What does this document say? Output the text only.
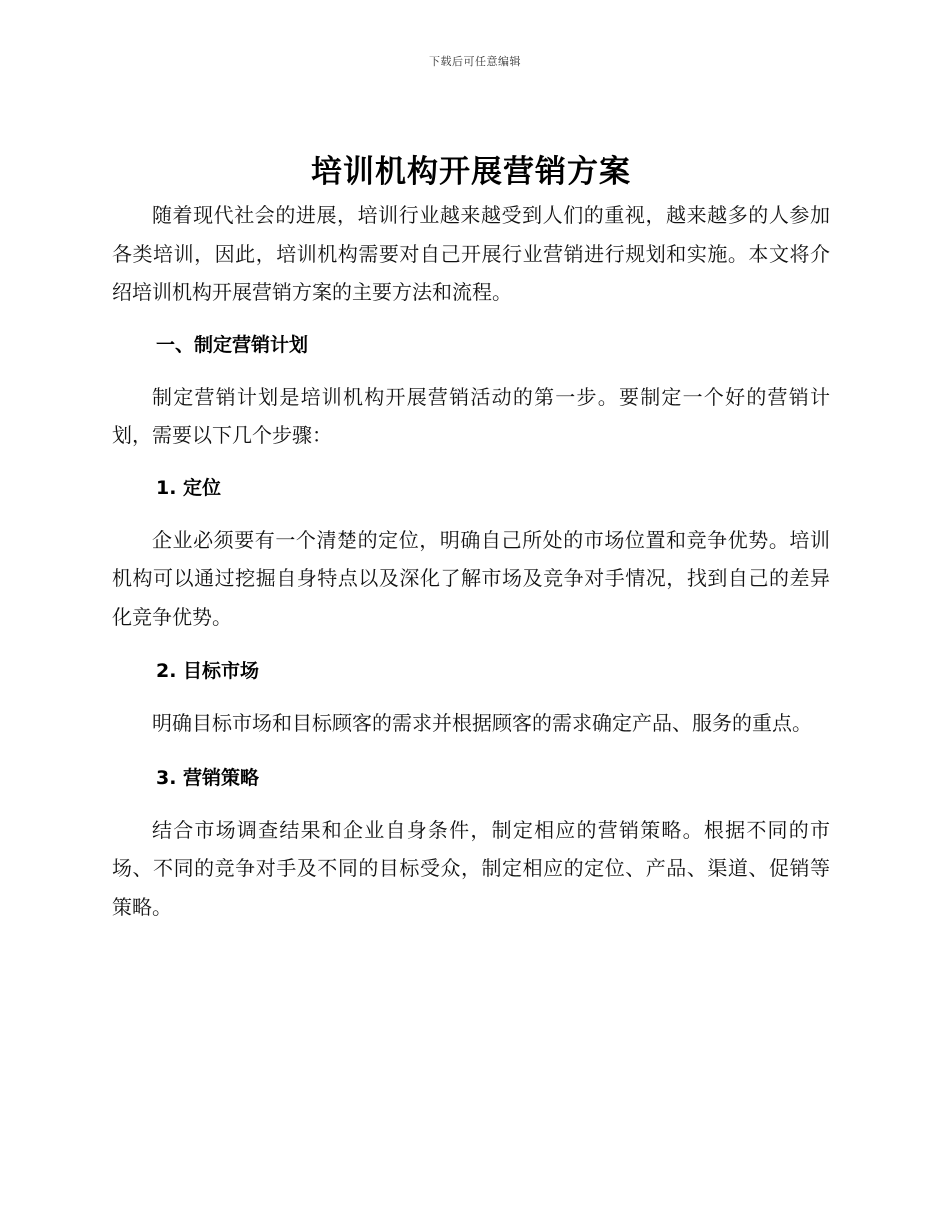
下载后可任意编辑
培训机构开展营销方案

随着现代社会的进展，培训行业越来越受到人们的重视，越来越多的人参加各类培训，因此，培训机构需要对自己开展行业营销进行规划和实施。本文将介绍培训机构开展营销方案的主要方法和流程。

一、制定营销计划

制定营销计划是培训机构开展营销活动的第一步。要制定一个好的营销计划，需要以下几个步骤：

1. 定位

企业必须要有一个清楚的定位，明确自己所处的市场位置和竞争优势。培训机构可以通过挖掘自身特点以及深化了解市场及竞争对手情况，找到自己的差异化竞争优势。

2. 目标市场

明确目标市场和目标顾客的需求并根据顾客的需求确定产品、服务的重点。

3. 营销策略

结合市场调查结果和企业自身条件，制定相应的营销策略。根据不同的市场、不同的竞争对手及不同的目标受众，制定相应的定位、产品、渠道、促销等策略。
